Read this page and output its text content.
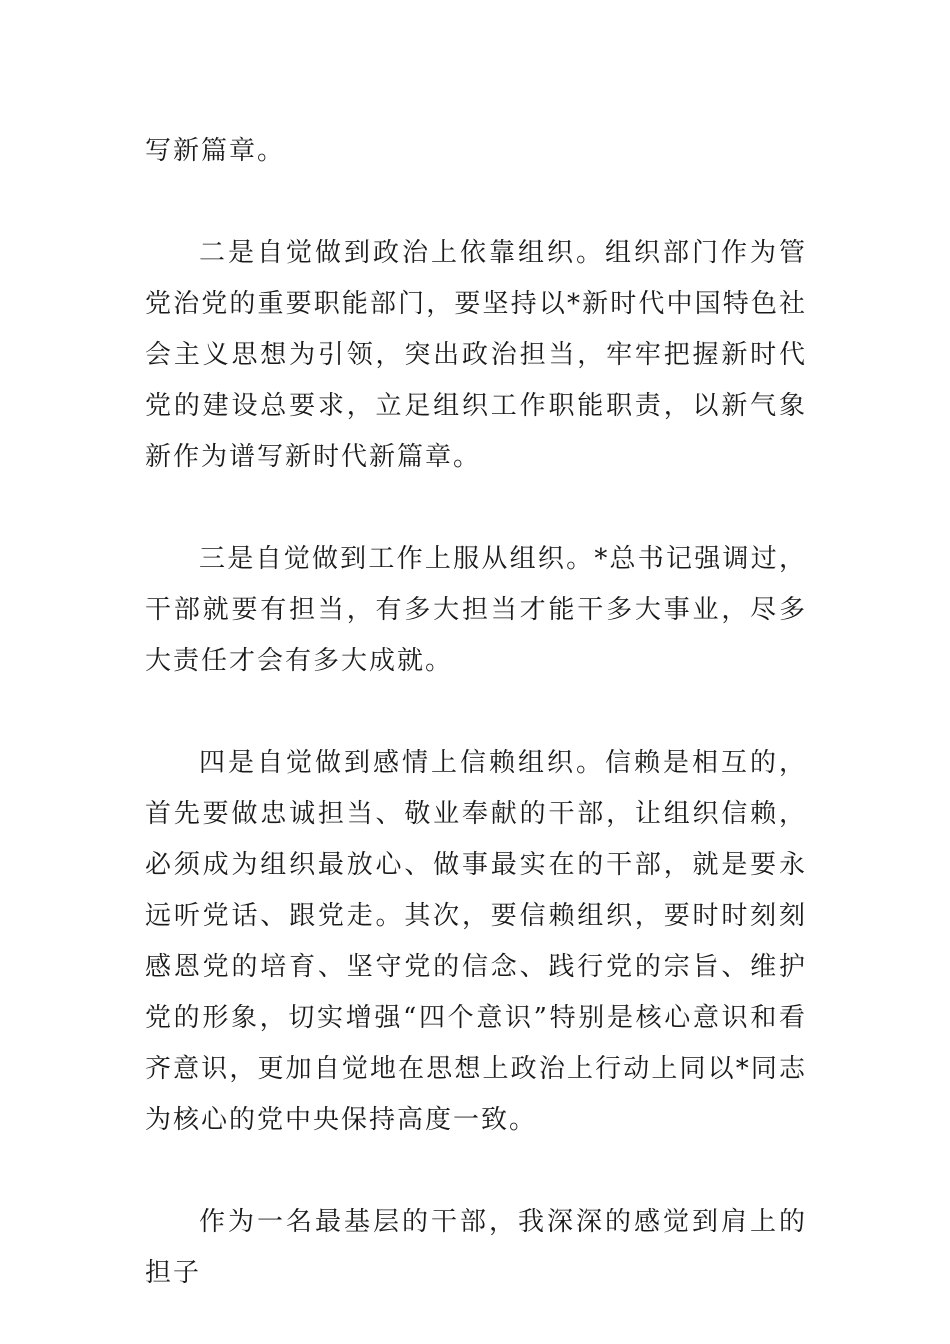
写新篇章。

二是自觉做到政治上依靠组织。组织部门作为管党治党的重要职能部门，要坚持以*新时代中国特色社会主义思想为引领，突出政治担当，牢牢把握新时代党的建设总要求，立足组织工作职能职责，以新气象新作为谱写新时代新篇章。

三是自觉做到工作上服从组织。*总书记强调过，干部就要有担当，有多大担当才能干多大事业，尽多大责任才会有多大成就。

四是自觉做到感情上信赖组织。信赖是相互的，首先要做忠诚担当、敬业奉献的干部，让组织信赖，必须成为组织最放心、做事最实在的干部，就是要永远听党话、跟党走。其次，要信赖组织，要时时刻刻感恩党的培育、坚守党的信念、践行党的宗旨、维护党的形象，切实增强“四个意识”特别是核心意识和看齐意识，更加自觉地在思想上政治上行动上同以*同志为核心的党中央保持高度一致。

作为一名最基层的干部，我深深的感觉到肩上的担子
